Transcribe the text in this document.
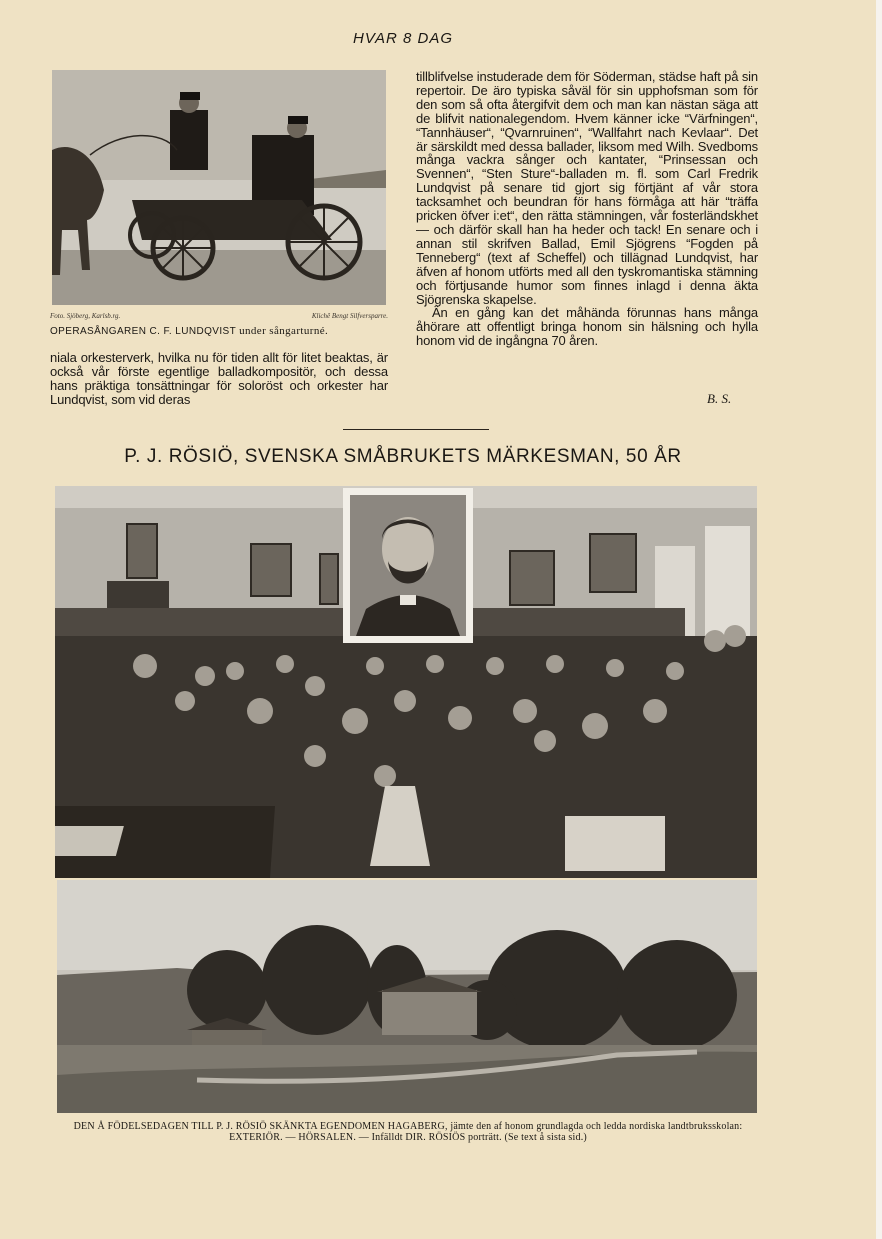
HVAR 8 DAG
Foto. Sjöberg, Karlsb.rg.	Klichê Bengt Silfversparre.
OPERASÅNGAREN C. F. LUNDQVIST under sångarturné.

niala orkesterverk, hvilka nu för tiden allt för litet beaktas, är också vår förste egentlige balladkompositör, och dessa hans präktiga tonsättningar för soloröst och orkester har Lundqvist, som vid deras

tillblifvelse instuderade dem för Söderman, städse haft på sin repertoir. De äro typiska såväl för sin upphofsman som för den som så ofta återgifvit dem och man kan nästan säga att de blifvit nationalegendom. Hvem känner icke “Värfningen“, “Tannhäuser“, “Qvarnruinen“, “Wallfahrt nach Kevlaar“. Det är särskildt med dessa ballader, liksom med Wilh. Svedboms många vackra sånger och kantater, “Prinsessan och Svennen“, “Sten Sture“-balladen m. fl. som Carl Fredrik Lundqvist på senare tid gjort sig förtjänt af vår stora tacksamhet och beundran för hans förmåga att här “träffa pricken öfver i:et“, den rätta stämningen, vår fosterländskhet — och därför skall han ha heder och tack! En senare och i annan stil skrifven Ballad, Emil Sjögrens “Fogden på Tenneberg“ (text af Scheffel) och tillägnad Lundqvist, har äfven af honom utförts med all den tyskromantiska stämning och förtjusande humor som finnes inlagd i denna äkta Sjögrenska skapelse.

Än en gång kan det måhända förunnas hans många åhörare att offentligt bringa honom sin hälsning och hylla honom vid de ingångna 70 åren.

B. S.
P. J. RÖSIÖ, SVENSKA SMÅBRUKETS MÄRKESMAN, 50 ÅR
DEN Å FÖDELSEDAGEN TILL P. J. RÖSIÖ SKÄNKTA EGENDOMEN HAGABERG, jämte den af honom grundlagda och ledda nordiska landtbruksskolan: EXTERIÖR. — HÖRSALEN. — Infälldt DIR. RÖSIÖS porträtt. (Se text å sista sid.)
